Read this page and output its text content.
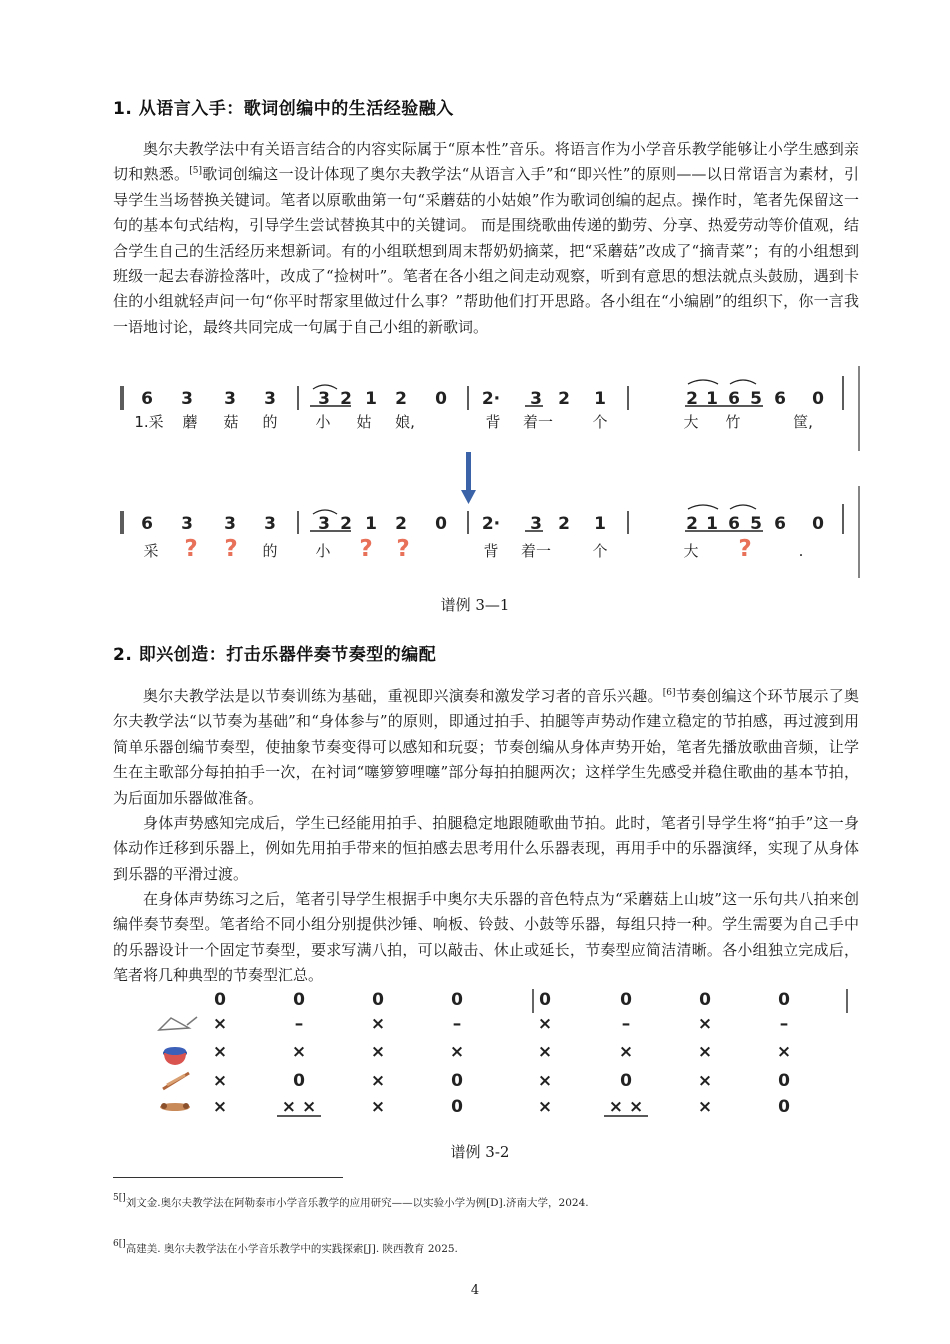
1. 从语言入手：歌词创编中的生活经验融入

奥尔夫教学法中有关语言结合的内容实际属于“原本性”音乐。将语言作为小学音乐教学能够让小学生感到亲切和熟悉。[5]歌词创编这一设计体现了奥尔夫教学法“从语言入手”和“即兴性”的原则——以日常语言为素材，引导学生当场替换关键词。笔者以原歌曲第一句“采蘑菇的小姑娘”作为歌词创编的起点。操作时，笔者先保留这一句的基本句式结构，引导学生尝试替换其中的关键词。 而是围绕歌曲传递的勤劳、分享、热爱劳动等价值观，结合学生自己的生活经历来想新词。有的小组联想到周末帮奶奶摘菜，把“采蘑菇”改成了“摘青菜”；有的小组想到班级一起去春游捡落叶，改成了“捡树叶”。笔者在各小组之间走动观察，听到有意思的想法就点头鼓励，遇到卡住的小组就轻声问一句“你平时帮家里做过什么事？”帮助他们打开思路。各小组在“小编剧”的组织下，你一言我一语地讨论，最终共同完成一句属于自己小组的新歌词。

6 3 3 3 3 2 1 2 0 2· 3 2 1	2 1 6 5 6 0
1.采 蘑 菇 的	小 姑 娘,	背 着一	个	大 竹	筐,
6 3 3 3 3 2 1 2 0 2· 3 2 1	2 1 6 5 6 0
采 ? ? 的	小 ? ?	背 着一	个	大 ?	.
谱例 3—1
2. 即兴创造：打击乐器伴奏节奏型的编配

奥尔夫教学法是以节奏训练为基础，重视即兴演奏和激发学习者的音乐兴趣。[6]节奏创编这个环节展示了奥尔夫教学法“以节奏为基础”和“身体参与”的原则，即通过拍手、拍腿等声势动作建立稳定的节拍感，再过渡到用简单乐器创编节奏型，使抽象节奏变得可以感知和玩耍；节奏创编从身体声势开始，笔者先播放歌曲音频，让学生在主歌部分每拍拍手一次，在衬词“噻箩箩哩噻”部分每拍拍腿两次；这样学生先感受并稳住歌曲的基本节拍，为后面加乐器做准备。

身体声势感知完成后，学生已经能用拍手、拍腿稳定地跟随歌曲节拍。此时，笔者引导学生将“拍手”这一身体动作迁移到乐器上，例如先用拍手带来的恒拍感去思考用什么乐器表现，再用手中的乐器演绎，实现了从身体到乐器的平滑过渡。

在身体声势练习之后，笔者引导学生根据手中奥尔夫乐器的音色特点为“采蘑菇上山坡”这一乐句共八拍来创编伴奏节奏型。笔者给不同小组分别提供沙锤、响板、铃鼓、小鼓等乐器，每组只持一种。学生需要为自己手中的乐器设计一个固定节奏型，要求写满八拍，可以敲击、休止或延长，节奏型应简洁清晰。各小组独立完成后，笔者将几种典型的节奏型汇总。

0	0	0	0	0	0	0	0
×	–	×	–	×	–	×	–
×	×	×	×	×	×	×	×
×	0	×	0	×	0	×	0
×	× ×	×	0	×	× ×	×	0
谱例 3-2
$^{5[]}$刘文金.奥尔夫教学法在阿勒泰市小学音乐教学的应用研究——以实验小学为例[D].济南大学，2024.
$^{6[]}$高建美. 奥尔夫教学法在小学音乐教学中的实践探索[J]. 陕西教育 2025.
4
